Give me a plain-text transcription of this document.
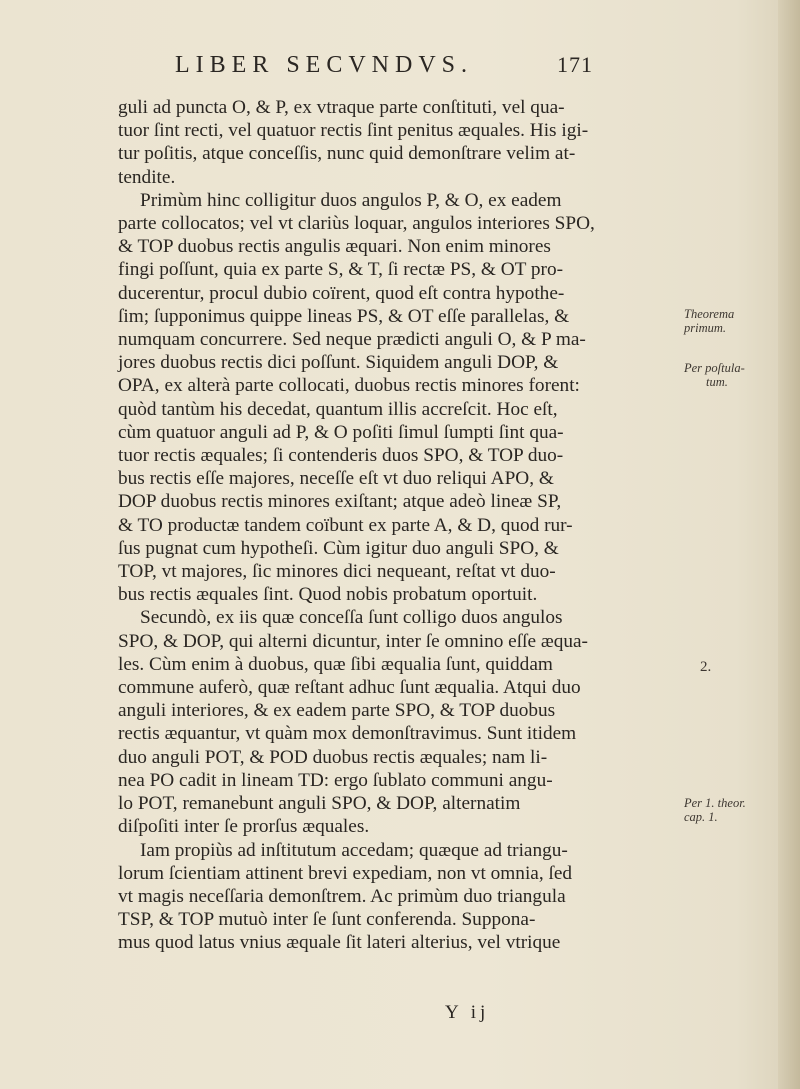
LIBER SECVNDVS.	171
guli ad puncta O, & P, ex vtraque parte conſtituti, vel qua-
tuor ſint recti, vel quatuor rectis ſint penitus æquales. His igi-
tur poſitis, atque conceſſis, nunc quid demonſtrare velim at-
tendite.
Primùm hinc colligitur duos angulos P, & O, ex eadem
parte collocatos; vel vt clariùs loquar, angulos interiores SPO,
& TOP duobus rectis angulis æquari. Non enim minores
fingi poſſunt, quia ex parte S, & T, ſi rectæ PS, & OT pro-
ducerentur, procul dubio coïrent, quod eſt contra hypothe-
ſim; ſupponimus quippe lineas PS, & OT eſſe parallelas, &
numquam concurrere. Sed neque prædicti anguli O, & P ma-
jores duobus rectis dici poſſunt. Siquidem anguli DOP, &
OPA, ex alterà parte collocati, duobus rectis minores forent:
quòd tantùm his decedat, quantum illis accreſcit. Hoc eſt,
cùm quatuor anguli ad P, & O poſiti ſimul ſumpti ſint qua-
tuor rectis æquales; ſi contenderis duos SPO, & TOP duo-
bus rectis eſſe majores, neceſſe eſt vt duo reliqui APO, &
DOP duobus rectis minores exiſtant; atque adeò lineæ SP,
& TO productæ tandem coïbunt ex parte A, & D, quod rur-
ſus pugnat cum hypotheſi. Cùm igitur duo anguli SPO, &
TOP, vt majores, ſic minores dici nequeant, reſtat vt duo-
bus rectis æquales ſint. Quod nobis probatum oportuit.
Secundò, ex iis quæ conceſſa ſunt colligo duos angulos
SPO, & DOP, qui alterni dicuntur, inter ſe omnino eſſe æqua-
les. Cùm enim à duobus, quæ ſibi æqualia ſunt, quiddam
commune auferò, quæ reſtant adhuc ſunt æqualia. Atqui duo
anguli interiores, & ex eadem parte SPO, & TOP duobus
rectis æquantur, vt quàm mox demonſtravimus. Sunt itidem
duo anguli POT, & POD duobus rectis æquales; nam li-
nea PO cadit in lineam TD: ergo ſublato communi angu-
lo POT, remanebunt anguli SPO, & DOP, alternatim
diſpoſiti inter ſe prorſus æquales.
Iam propiùs ad inſtitutum accedam; quæque ad triangu-
lorum ſcientiam attinent brevi expediam, non vt omnia, ſed
vt magis neceſſaria demonſtrem. Ac primùm duo triangula
TSP, & TOP mutuò inter ſe ſunt conferenda. Suppona-
mus quod latus vnius æquale ſit lateri alterius, vel vtrique
Theorema
primum.
Per poſtula-
tum.
2.
Per 1. theor.
cap. 1.
Y ij
